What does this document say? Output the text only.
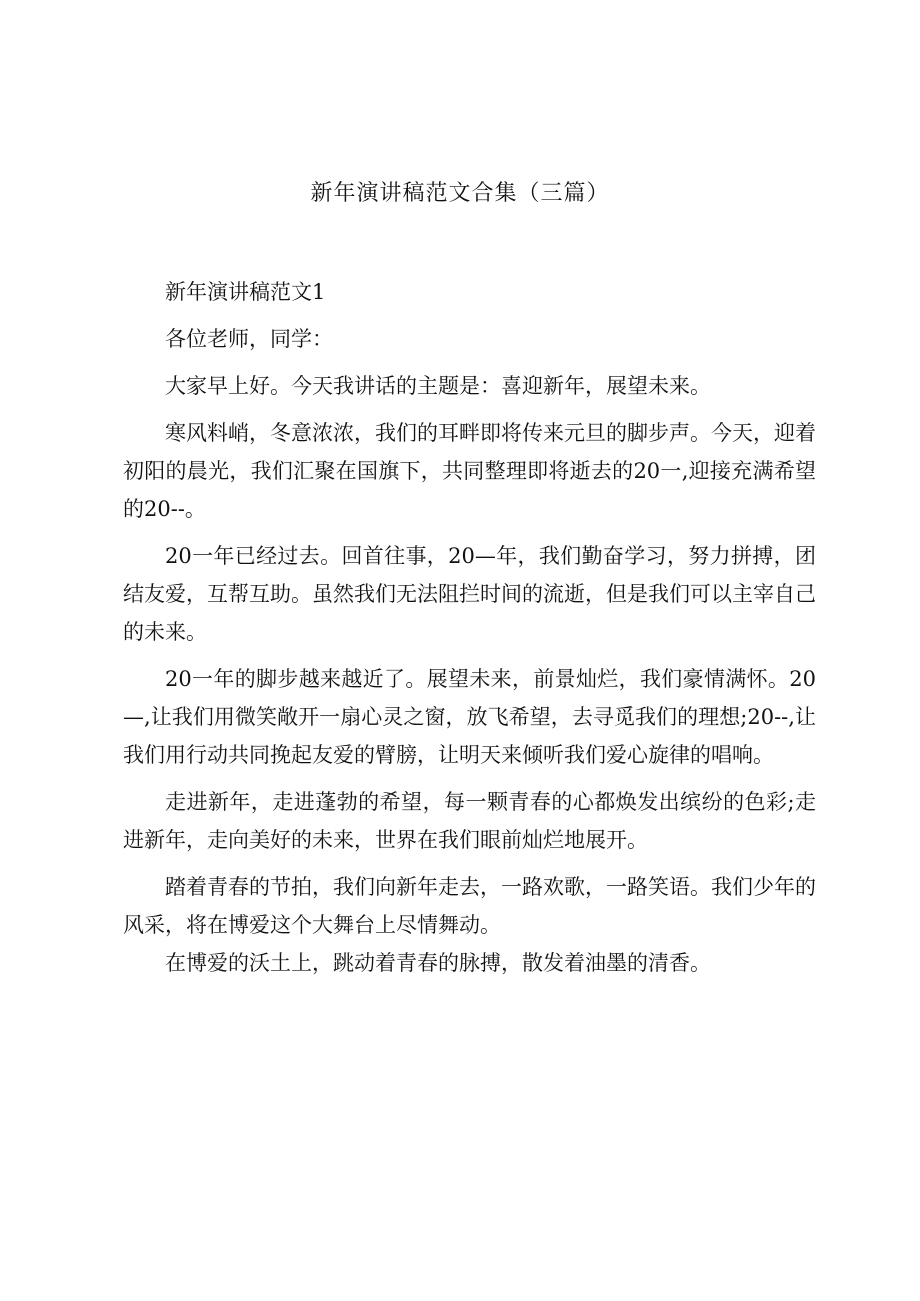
新年演讲稿范文合集（三篇）

新年演讲稿范文1

各位老师，同学：

大家早上好。今天我讲话的主题是：喜迎新年，展望未来。

寒风料峭，冬意浓浓，我们的耳畔即将传来元旦的脚步声。今天，迎着初阳的晨光，我们汇聚在国旗下，共同整理即将逝去的20一,迎接充满希望的20--。

20一年已经过去。回首往事，20—年，我们勤奋学习，努力拼搏，团结友爱，互帮互助。虽然我们无法阻拦时间的流逝，但是我们可以主宰自己的未来。

20一年的脚步越来越近了。展望未来，前景灿烂，我们豪情满怀。20—,让我们用微笑敞开一扇心灵之窗，放飞希望，去寻觅我们的理想;20--,让我们用行动共同挽起友爱的臂膀，让明天来倾听我们爱心旋律的唱响。

走进新年，走进蓬勃的希望，每一颗青春的心都焕发出缤纷的色彩;走进新年，走向美好的未来，世界在我们眼前灿烂地展开。

踏着青春的节拍，我们向新年走去，一路欢歌，一路笑语。我们少年的风采，将在博爱这个大舞台上尽情舞动。

在博爱的沃土上，跳动着青春的脉搏，散发着油墨的清香。
